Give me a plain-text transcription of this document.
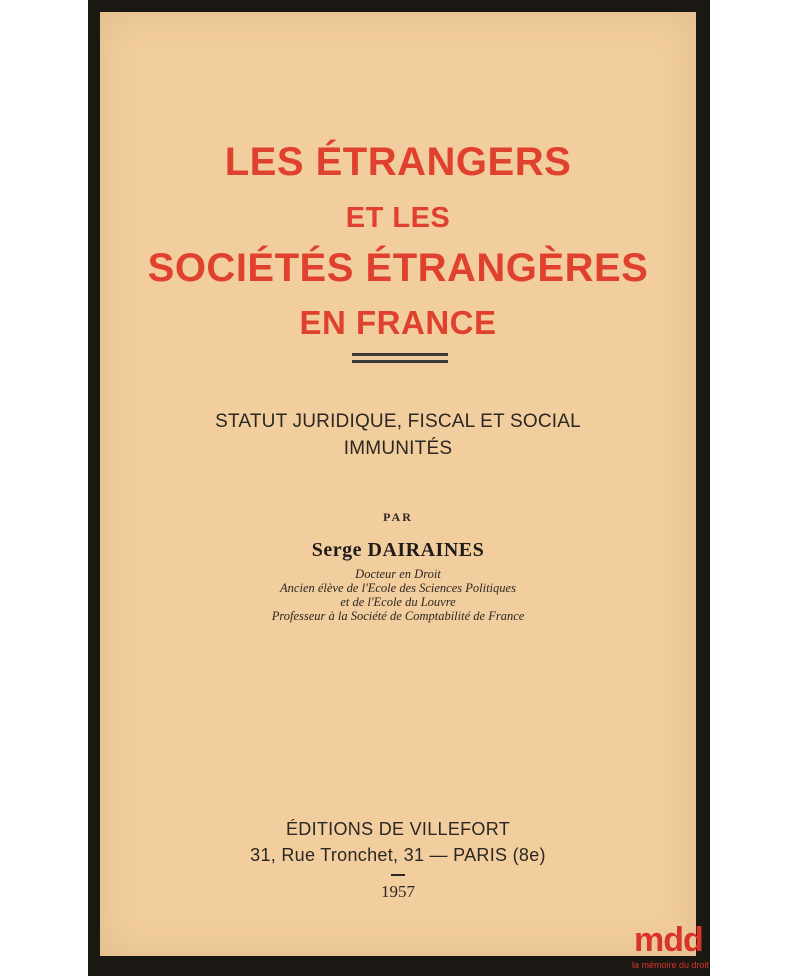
LES ÉTRANGERS
ET LES
SOCIÉTÉS ÉTRANGÈRES
EN FRANCE
STATUT JURIDIQUE, FISCAL ET SOCIAL
IMMUNITÉS
PAR
Serge DAIRAINES
Docteur en Droit
Ancien élève de l'Ecole des Sciences Politiques
et de l'Ecole du Louvre
Professeur à la Société de Comptabilité de France
ÉDITIONS DE VILLEFORT
31, Rue Tronchet, 31 — PARIS (8e)
1957
mdd
la mémoire du droit
